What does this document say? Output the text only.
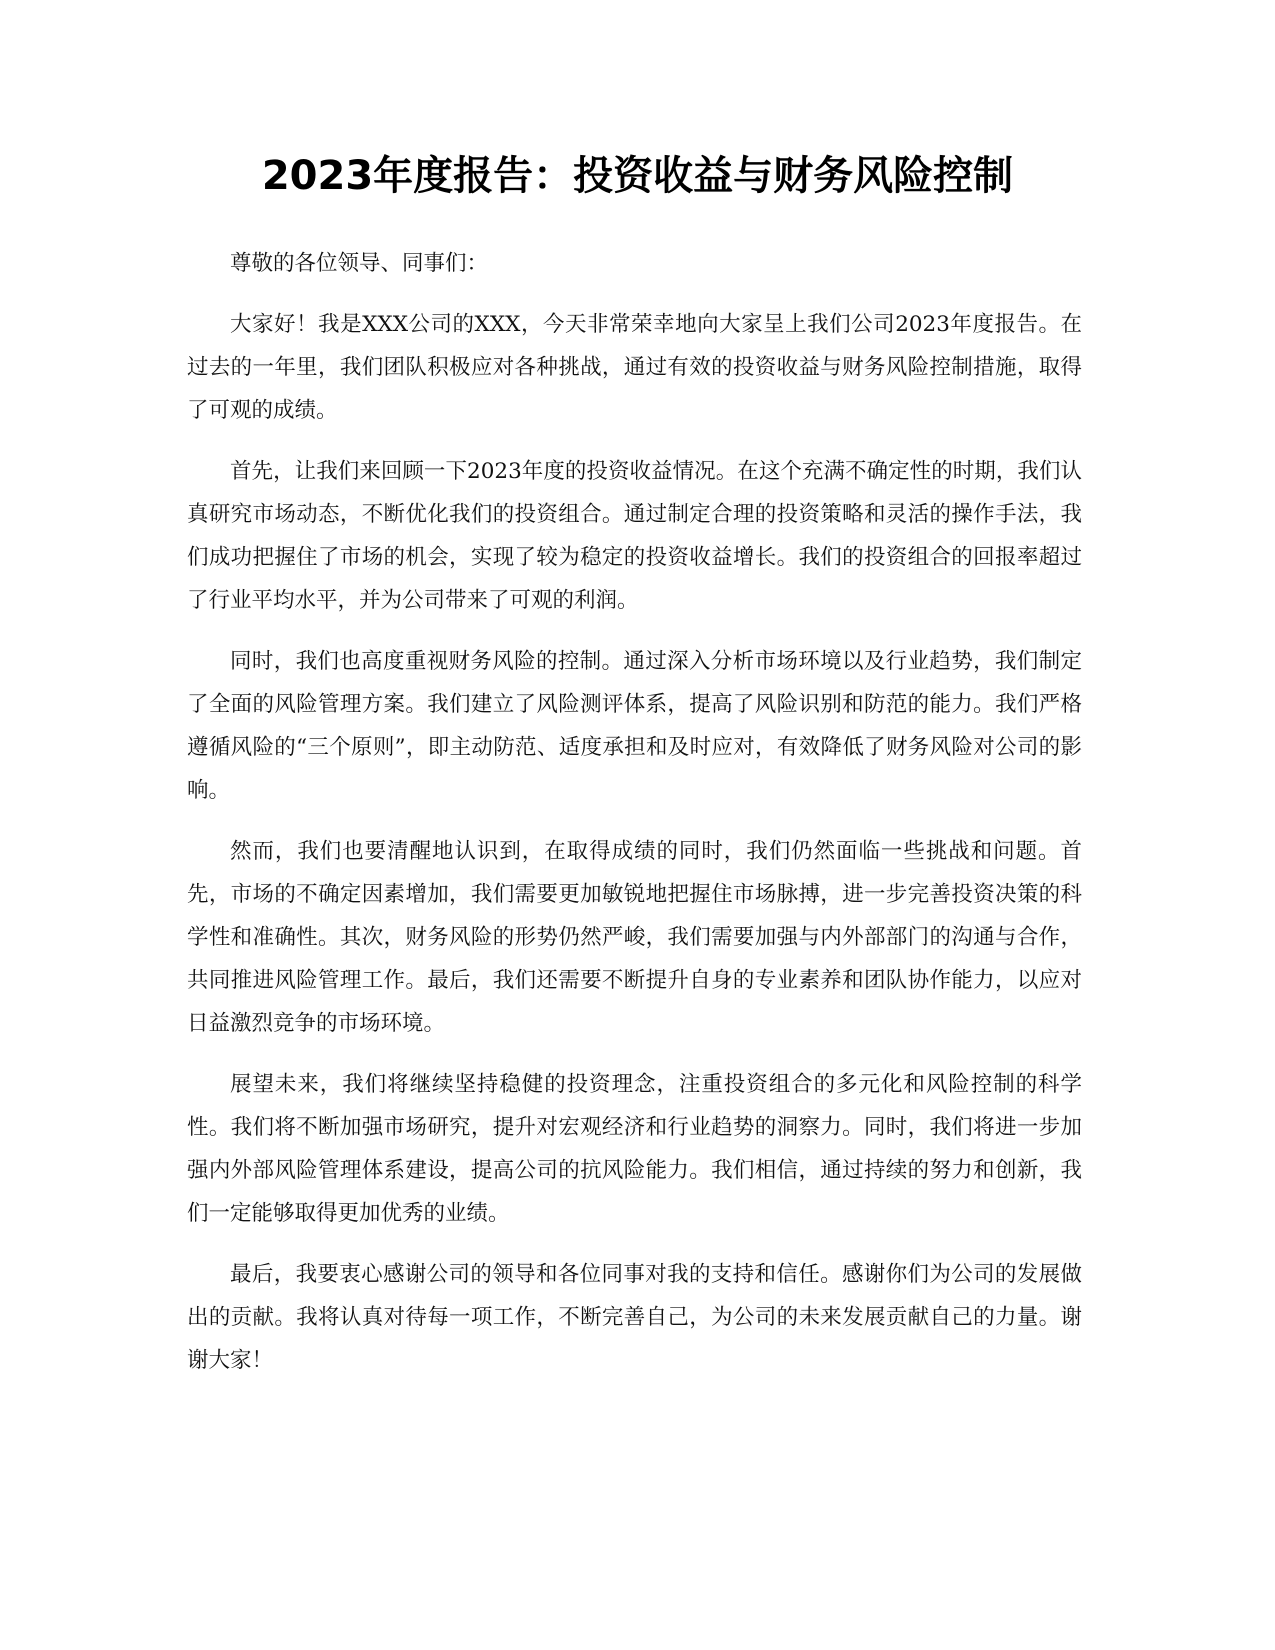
2023年度报告：投资收益与财务风险控制

尊敬的各位领导、同事们：

大家好！我是XXX公司的XXX，今天非常荣幸地向大家呈上我们公司2023年度报告。在过去的一年里，我们团队积极应对各种挑战，通过有效的投资收益与财务风险控制措施，取得了可观的成绩。

首先，让我们来回顾一下2023年度的投资收益情况。在这个充满不确定性的时期，我们认真研究市场动态，不断优化我们的投资组合。通过制定合理的投资策略和灵活的操作手法，我们成功把握住了市场的机会，实现了较为稳定的投资收益增长。我们的投资组合的回报率超过了行业平均水平，并为公司带来了可观的利润。

同时，我们也高度重视财务风险的控制。通过深入分析市场环境以及行业趋势，我们制定了全面的风险管理方案。我们建立了风险测评体系，提高了风险识别和防范的能力。我们严格遵循风险的“三个原则”，即主动防范、适度承担和及时应对，有效降低了财务风险对公司的影响。

然而，我们也要清醒地认识到，在取得成绩的同时，我们仍然面临一些挑战和问题。首先，市场的不确定因素增加，我们需要更加敏锐地把握住市场脉搏，进一步完善投资决策的科学性和准确性。其次，财务风险的形势仍然严峻，我们需要加强与内外部部门的沟通与合作，共同推进风险管理工作。最后，我们还需要不断提升自身的专业素养和团队协作能力，以应对日益激烈竞争的市场环境。

展望未来，我们将继续坚持稳健的投资理念，注重投资组合的多元化和风险控制的科学性。我们将不断加强市场研究，提升对宏观经济和行业趋势的洞察力。同时，我们将进一步加强内外部风险管理体系建设，提高公司的抗风险能力。我们相信，通过持续的努力和创新，我们一定能够取得更加优秀的业绩。

最后，我要衷心感谢公司的领导和各位同事对我的支持和信任。感谢你们为公司的发展做出的贡献。我将认真对待每一项工作，不断完善自己，为公司的未来发展贡献自己的力量。谢谢大家！
